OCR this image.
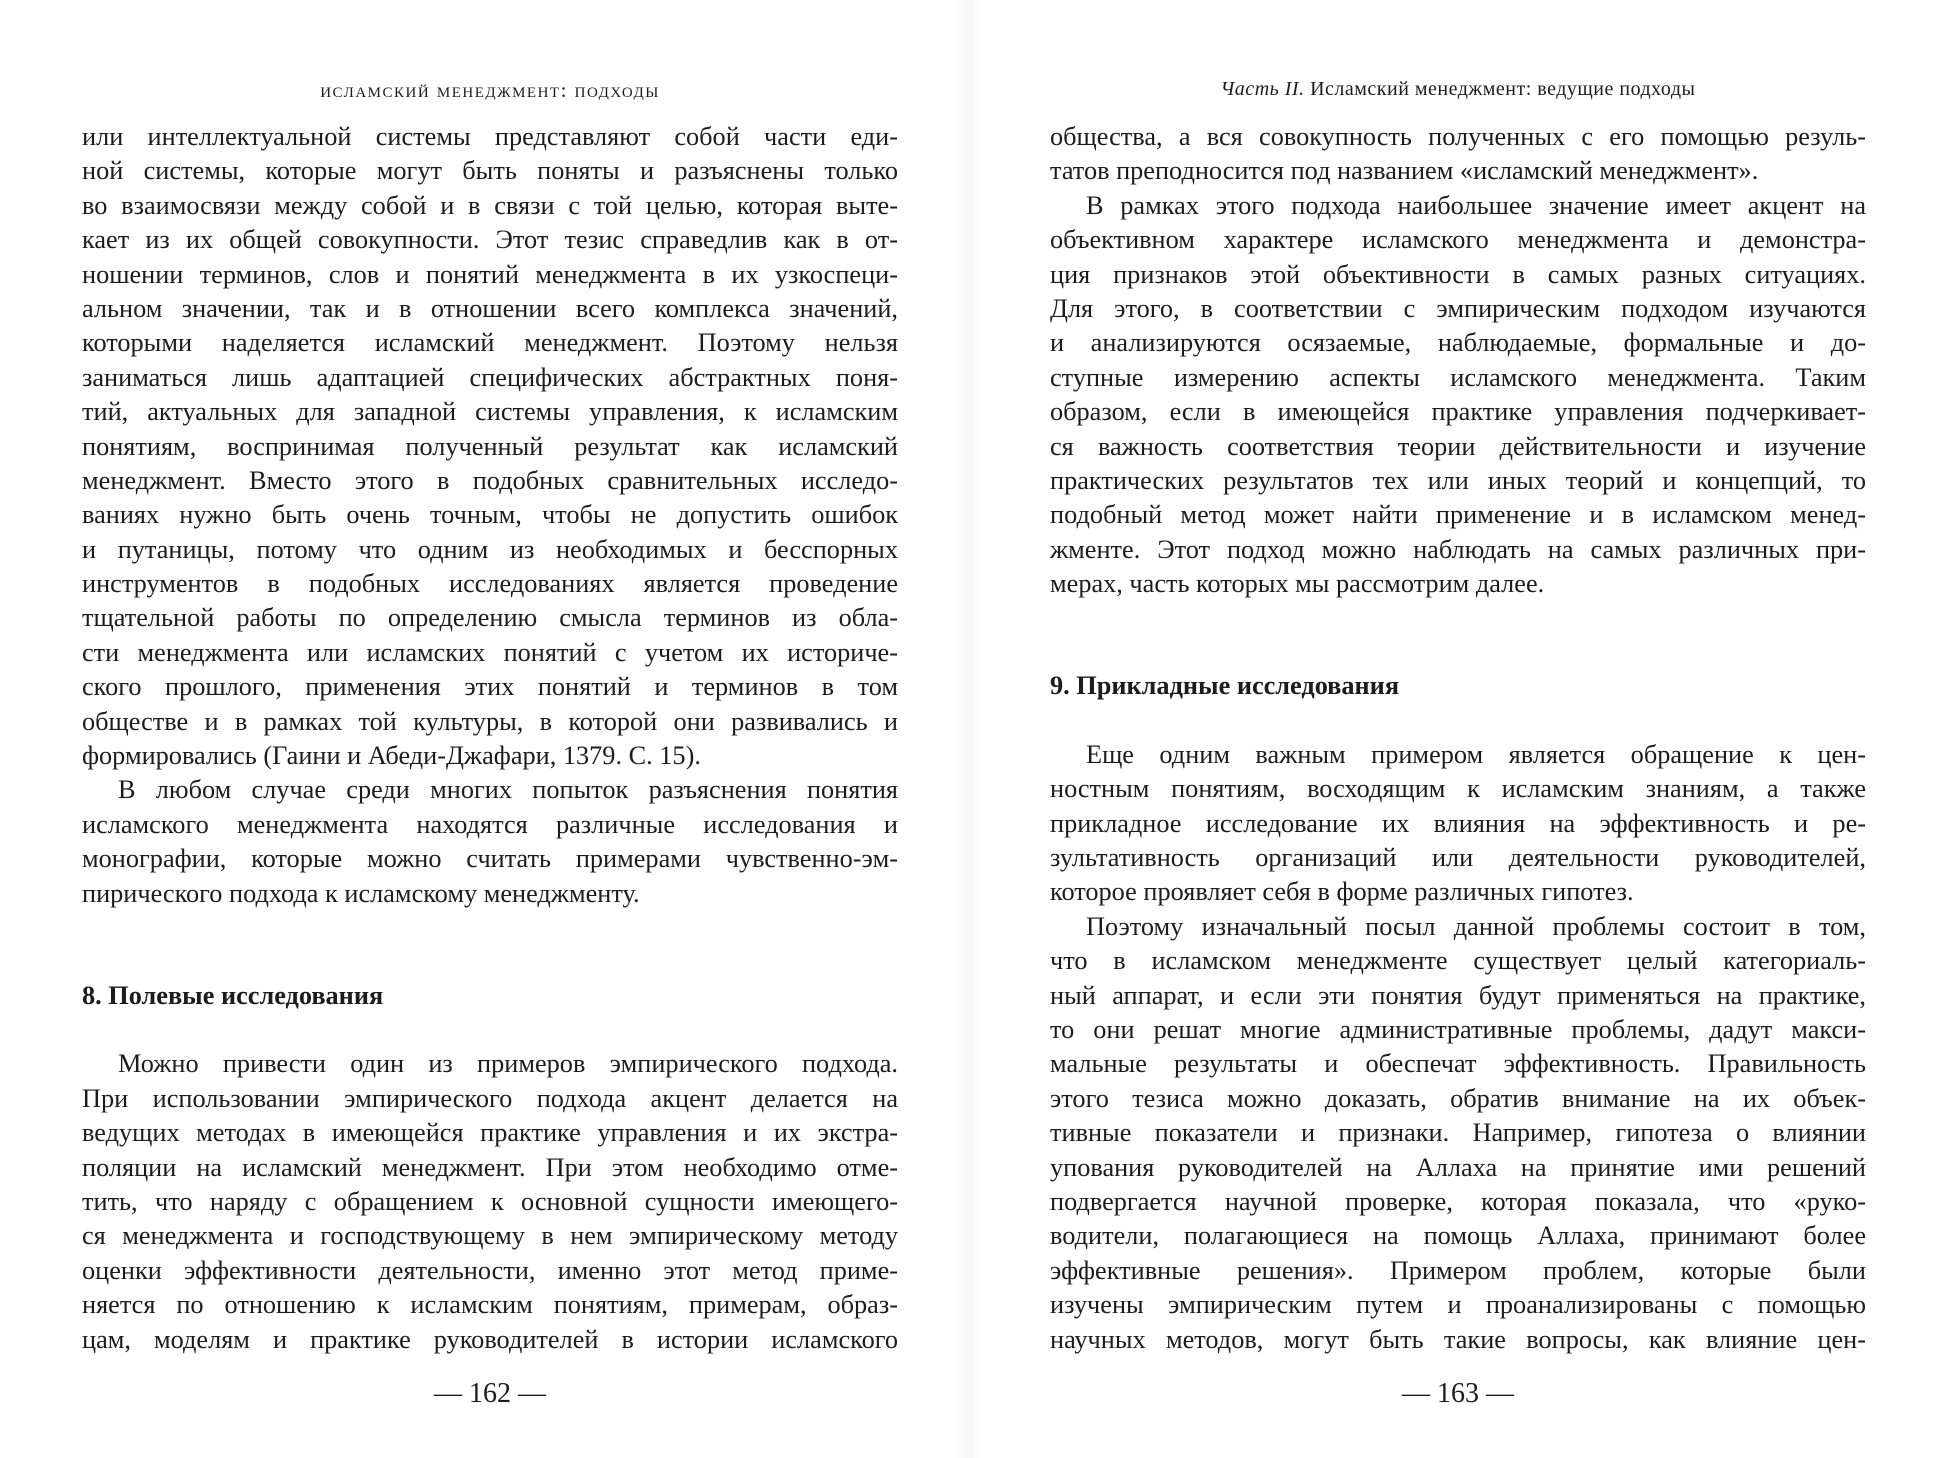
исламский менеджмент: подходы
или интеллектуальной системы представляют собой части еди-
ной системы, которые могут быть поняты и разъяснены только
во взаимосвязи между собой и в связи с той целью, которая выте-
кает из их общей совокупности. Этот тезис справедлив как в от-
ношении терминов, слов и понятий менеджмента в их узкоспеци-
альном значении, так и в отношении всего комплекса значений,
которыми наделяется исламский менеджмент. Поэтому нельзя
заниматься лишь адаптацией специфических абстрактных поня-
тий, актуальных для западной системы управления, к исламским
понятиям, воспринимая полученный результат как исламский
менеджмент. Вместо этого в подобных сравнительных исследо-
ваниях нужно быть очень точным, чтобы не допустить ошибок
и путаницы, потому что одним из необходимых и бесспорных
инструментов в подобных исследованиях является проведение
тщательной работы по определению смысла терминов из обла-
сти менеджмента или исламских понятий с учетом их историче-
ского прошлого, применения этих понятий и терминов в том
обществе и в рамках той культуры, в которой они развивались и
формировались (Гаини и Абеди-Джафари, 1379. С. 15).
В любом случае среди многих попыток разъяснения понятия
исламского менеджмента находятся различные исследования и
монографии, которые можно считать примерами чувственно-эм-
пирического подхода к исламскому менеджменту.
8. Полевые исследования
Можно привести один из примеров эмпирического подхода.
При использовании эмпирического подхода акцент делается на
ведущих методах в имеющейся практике управления и их экстра-
поляции на исламский менеджмент. При этом необходимо отме-
тить, что наряду с обращением к основной сущности имеющего-
ся менеджмента и господствующему в нем эмпирическому методу
оценки эффективности деятельности, именно этот метод приме-
няется по отношению к исламским понятиям, примерам, образ-
цам, моделям и практике руководителей в истории исламского
— 162 —
Часть II. Исламский менеджмент: ведущие подходы
общества, а вся совокупность полученных с его помощью резуль-
татов преподносится под названием «исламский менеджмент».
В рамках этого подхода наибольшее значение имеет акцент на
объективном характере исламского менеджмента и демонстра-
ция признаков этой объективности в самых разных ситуациях.
Для этого, в соответствии с эмпирическим подходом изучаются
и анализируются осязаемые, наблюдаемые, формальные и до-
ступные измерению аспекты исламского менеджмента. Таким
образом, если в имеющейся практике управления подчеркивает-
ся важность соответствия теории действительности и изучение
практических результатов тех или иных теорий и концепций, то
подобный метод может найти применение и в исламском менед-
жменте. Этот подход можно наблюдать на самых различных при-
мерах, часть которых мы рассмотрим далее.
9. Прикладные исследования
Еще одним важным примером является обращение к цен-
ностным понятиям, восходящим к исламским знаниям, а также
прикладное исследование их влияния на эффективность и ре-
зультативность организаций или деятельности руководителей,
которое проявляет себя в форме различных гипотез.
Поэтому изначальный посыл данной проблемы состоит в том,
что в исламском менеджменте существует целый категориаль-
ный аппарат, и если эти понятия будут применяться на практике,
то они решат многие административные проблемы, дадут макси-
мальные результаты и обеспечат эффективность. Правильность
этого тезиса можно доказать, обратив внимание на их объек-
тивные показатели и признаки. Например, гипотеза о влиянии
упования руководителей на Аллаха на принятие ими решений
подвергается научной проверке, которая показала, что «руко-
водители, полагающиеся на помощь Аллаха, принимают более
эффективные решения». Примером проблем, которые были
изучены эмпирическим путем и проанализированы с помощью
научных методов, могут быть такие вопросы, как влияние цен-
— 163 —
